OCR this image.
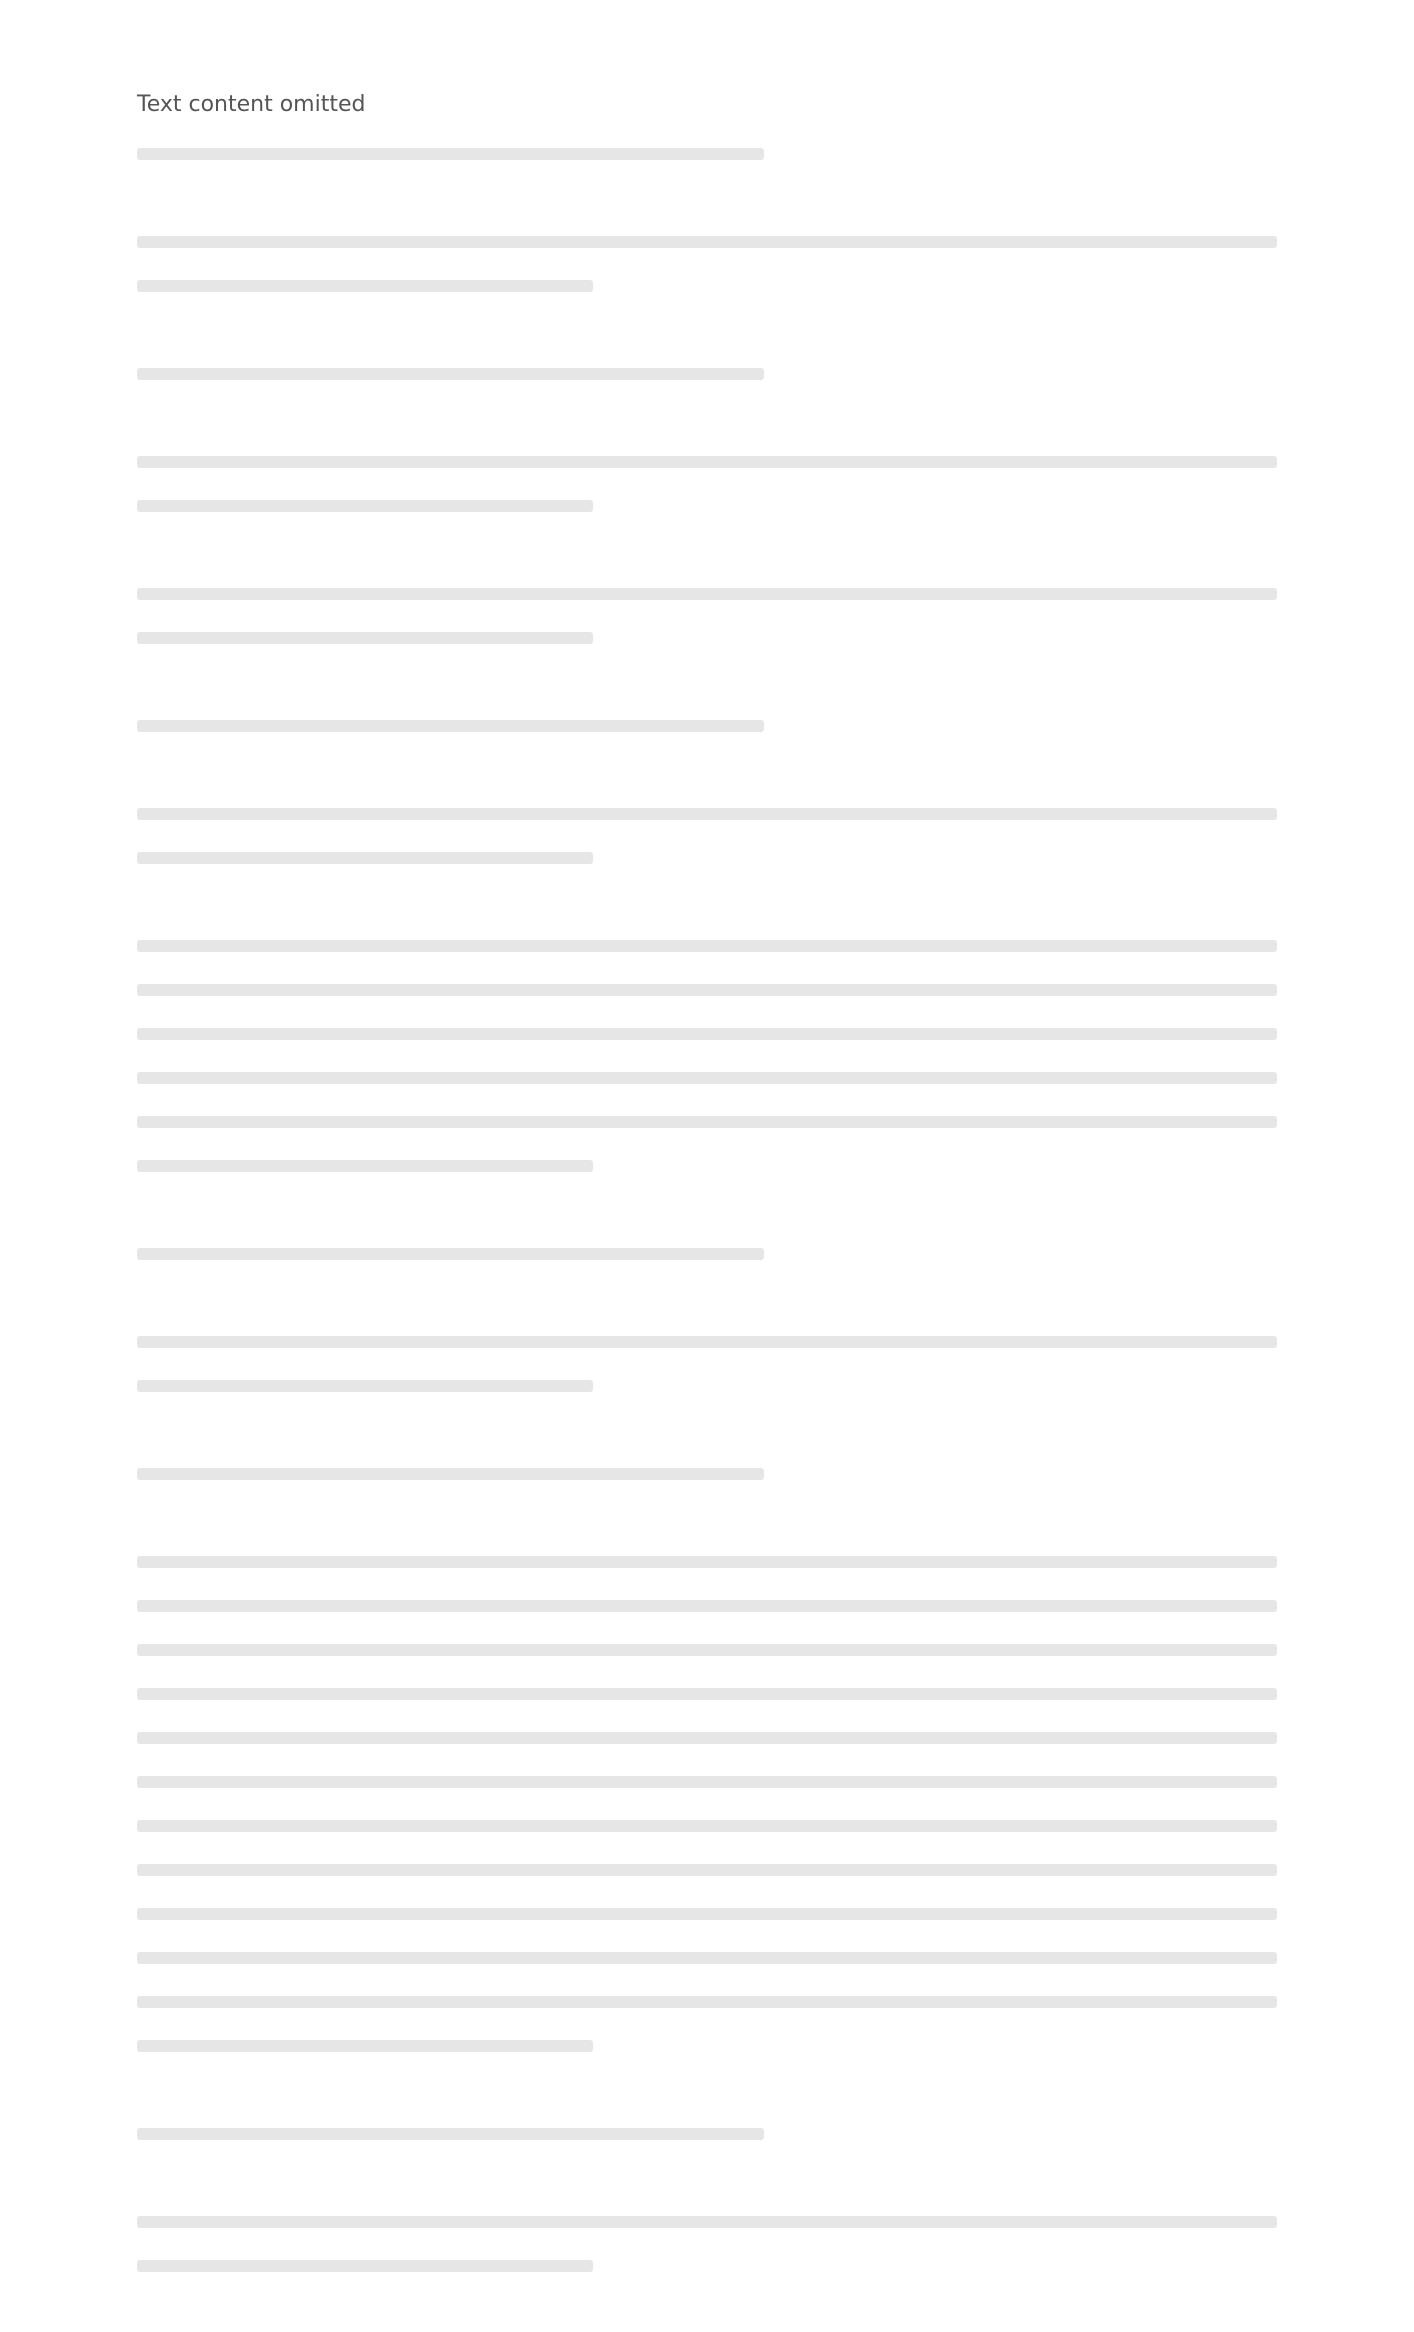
Text content omitted
